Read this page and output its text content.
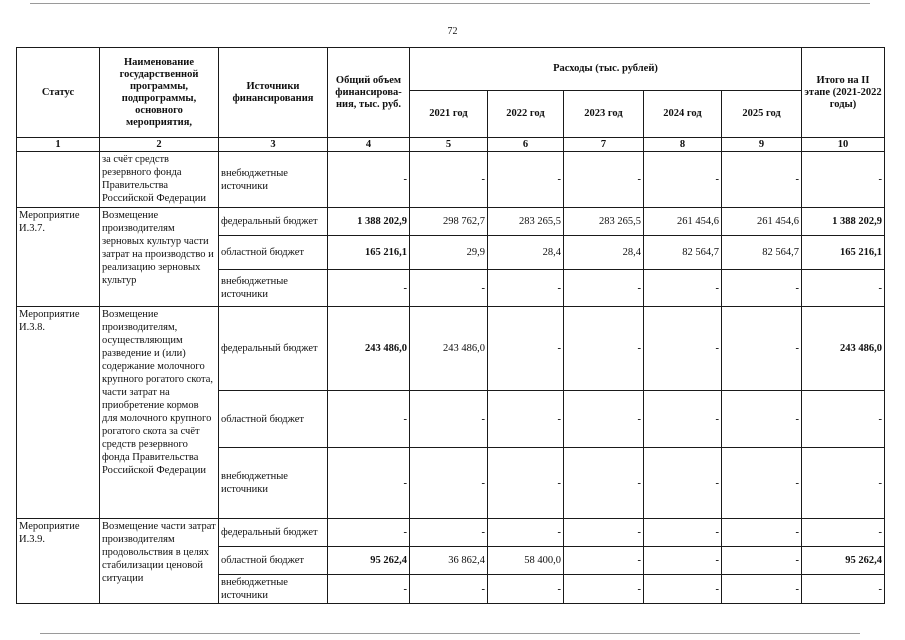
72
Статус	Наименование государственной программы, подпрограммы, основного мероприятия,	Источники финансирования	Общий объем финансирова-ния, тыс. руб.	Расходы (тыс. рублей)					Итого на II этапе (2021-2022 годы)
				2021 год	2022 год	2023 год	2024 год	2025 год	
1	2	3	4	5	6	7	8	9	10
	за счёт средств резервного фонда Правительства Российской Федерации	внебюджетные источники	-	-	-	-	-	-	-
Мероприятие И.3.7.	Возмещение производителям зерновых культур части затрат на производство и реализацию зерновых культур	федеральный бюджет	1 388 202,9	298 762,7	283 265,5	283 265,5	261 454,6	261 454,6	1 388 202,9
		областной бюджет	165 216,1	29,9	28,4	28,4	82 564,7	82 564,7	165 216,1
		внебюджетные источники	-	-	-	-	-	-	-
Мероприятие И.3.8.	Возмещение производителям, осуществляющим разведение и (или) содержание молочного крупного рогатого скота, части затрат на приобретение кормов для молочного крупного рогатого скота за счёт средств резервного фонда Правительства Российской Федерации	федеральный бюджет	243 486,0	243 486,0	-	-	-	-	243 486,0
		областной бюджет	-	-	-	-	-	-	-
		внебюджетные источники	-	-	-	-	-	-	-
Мероприятие И.3.9.	Возмещение части затрат производителям продовольствия в целях стабилизации ценовой ситуации	федеральный бюджет	-	-	-	-	-	-	-
		областной бюджет	95 262,4	36 862,4	58 400,0	-	-	-	95 262,4
		внебюджетные источники	-	-	-	-	-	-	-
